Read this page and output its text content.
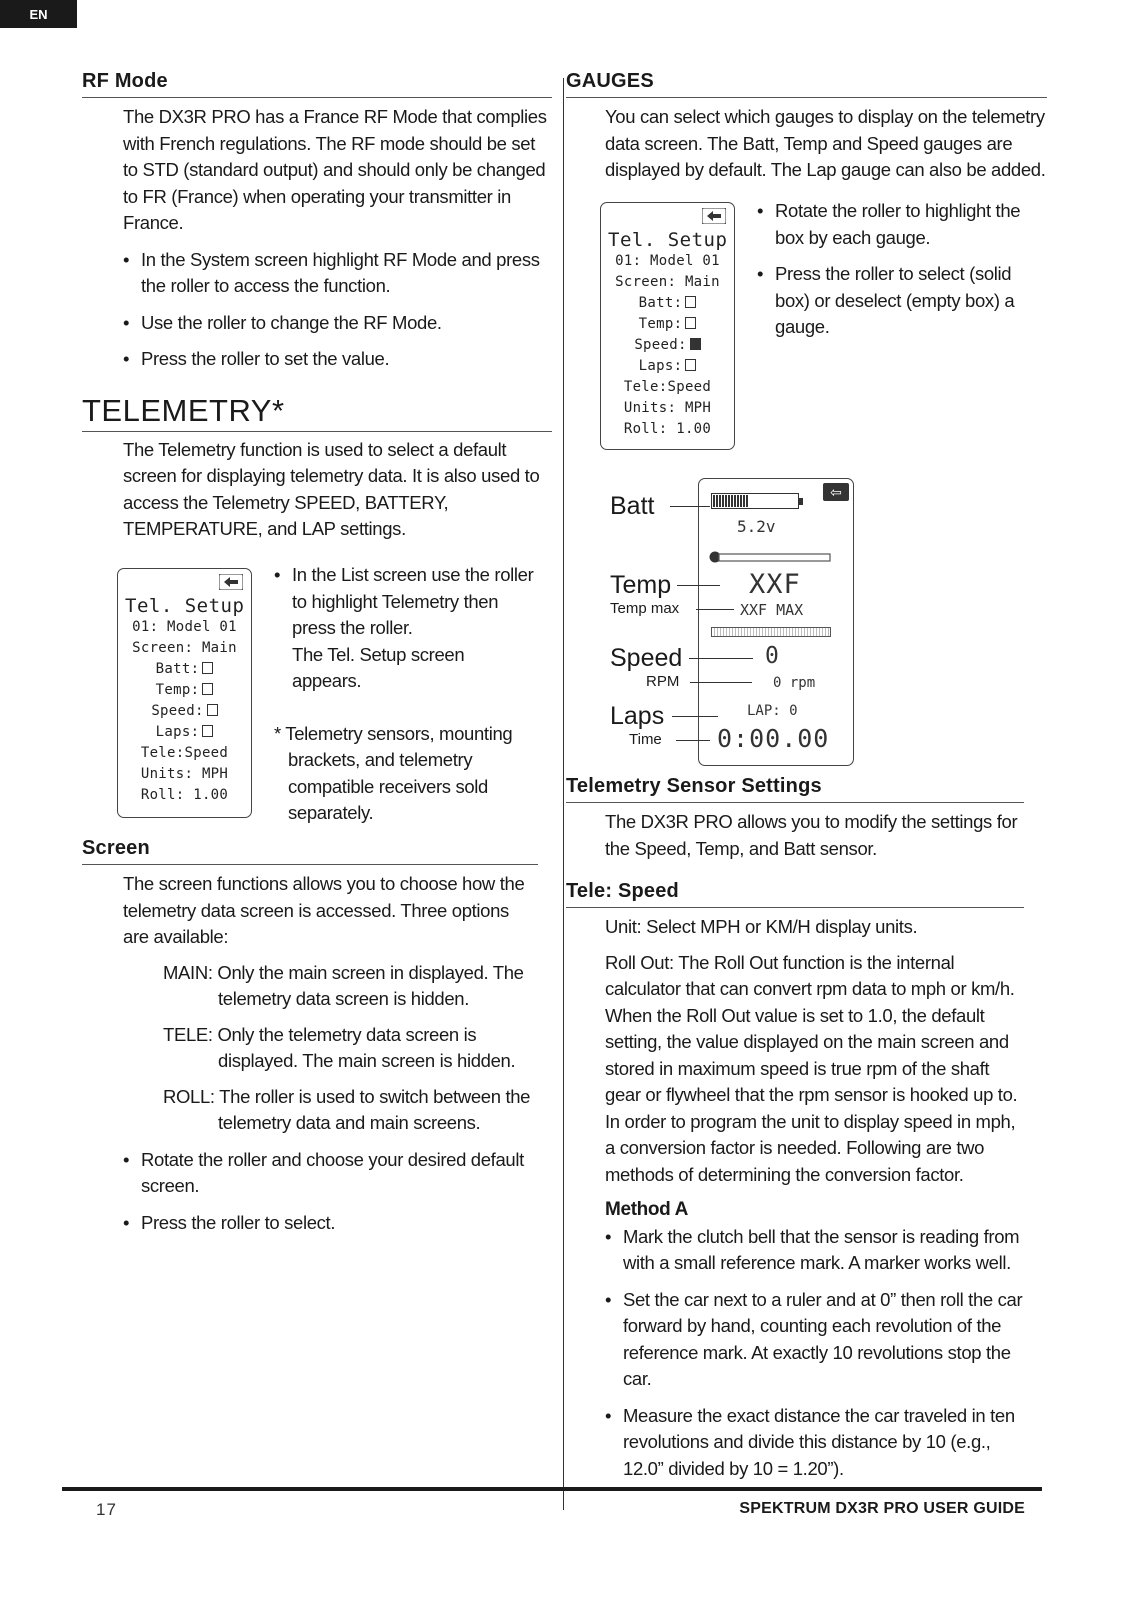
EN
RF Mode

The DX3R PRO has a France RF Mode that complies with French regulations. The RF mode should be set to STD (standard output) and should only be changed to FR (France) when operating your transmitter in France.

• In the System screen highlight RF Mode and press the roller to access the function.
• Use the roller to change the RF Mode.
• Press the roller to set the value.
TELEMETRY*

The Telemetry function is used to select a default screen for displaying telemetry data. It is also used to access the Telemetry SPEED, BATTERY, TEMPERATURE, and LAP settings.

• In the List screen use the roller to highlight Telemetry then press the roller.

The Tel. Setup screen appears.

* Telemetry sensors, mounting brackets, and telemetry compatible receivers sold separately.

Screen

The screen functions allows you to choose how the telemetry data screen is accessed. Three options are available:

MAIN: Only the main screen in displayed. The telemetry data screen is hidden.

TELE: Only the telemetry data screen is displayed. The main screen is hidden.

ROLL: The roller is used to switch between the telemetry data and main screens.

• Rotate the roller and choose your desired default screen.
• Press the roller to select.
Tel. Setup
01: Model 01
Screen: Main
Batt:
Temp:
Speed:
Laps:
Tele:Speed
Units: MPH
Roll: 1.00
GAUGES

You can select which gauges to display on the telemetry data screen. The Batt, Temp and Speed gauges are displayed by default. The Lap gauge can also be added.

• Rotate the roller to highlight the box by each gauge.
• Press the roller to select (solid box) or deselect (empty box) a gauge.
Telemetry Sensor Settings

The DX3R PRO allows you to modify the settings for the Speed, Temp, and Batt sensor.

Tele: Speed

Unit: Select MPH or KM/H display units.

Roll Out: The Roll Out function is the internal calculator that can convert rpm data to mph or km/h. When the Roll Out value is set to 1.0, the default setting, the value displayed on the main screen and stored in maximum speed is true rpm of the shaft gear or flywheel that the rpm sensor is hooked up to. In order to program the unit to display speed in mph, a conversion factor is needed. Following are two methods of determining the conversion factor.

Method A
• Mark the clutch bell that the sensor is reading from with a small reference mark. A marker works well.
• Set the car next to a ruler and at 0” then roll the car forward by hand, counting each revolution of the reference mark. At exactly 10 revolutions stop the car.
• Measure the exact distance the car traveled in ten revolutions and divide this distance by 10 (e.g., 12.0” divided by 10 = 1.20”).
Tel. Setup
01: Model 01
Screen: Main
Batt:
Temp:
Speed:
Laps:
Tele:Speed
Units: MPH
Roll: 1.00
⇦
5.2v
XXF
XXF MAX
0
0 rpm
LAP: 0
0:00.00
Batt
Temp
Temp max
Speed
RPM
Laps
Time
17	SPEKTRUM DX3R PRO USER GUIDE
